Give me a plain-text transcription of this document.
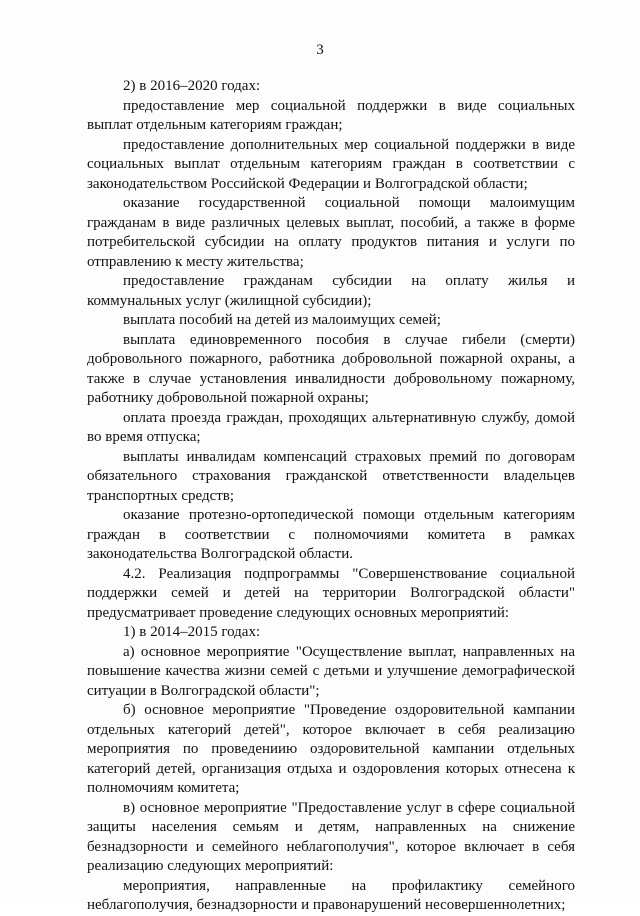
3

2) в 2016–2020 годах:

предоставление мер социальной поддержки в виде социальных выплат отдельным категориям граждан;

предоставление дополнительных мер социальной поддержки в виде социальных выплат отдельным категориям граждан в соответствии с законодательством Российской Федерации и Волгоградской области;

оказание государственной социальной помощи малоимущим гражданам в виде различных целевых выплат, пособий, а также в форме потребительской субсидии на оплату продуктов питания и услуги по отправлению к месту жительства;

предоставление гражданам субсидии на оплату жилья и коммунальных услуг (жилищной субсидии);

выплата пособий на детей из малоимущих семей;

выплата единовременного пособия в случае гибели (смерти) добровольного пожарного, работника добровольной пожарной охраны, а также в случае установления инвалидности добровольному пожарному, работнику добровольной пожарной охраны;

оплата проезда граждан, проходящих альтернативную службу, домой во время отпуска;

выплаты инвалидам компенсаций страховых премий по договорам обязательного страхования гражданской ответственности владельцев транспортных средств;

оказание протезно-ортопедической помощи отдельным категориям граждан в соответствии с полномочиями комитета в рамках законодательства Волгоградской области.

4.2. Реализация подпрограммы "Совершенствование социальной поддержки семей и детей на территории Волгоградской области" предусматривает проведение следующих основных мероприятий:

1) в 2014–2015 годах:

а) основное мероприятие "Осуществление выплат, направленных на повышение качества жизни семей с детьми и улучшение демографической ситуации в Волгоградской области";

б) основное мероприятие "Проведение оздоровительной кампании отдельных категорий детей", которое включает в себя реализацию мероприятия по проведениию оздоровительной кампании отдельных категорий детей, организация отдыха и оздоровления которых отнесена к полномочиям комитета;

в) основное мероприятие "Предоставление услуг в сфере социальной защиты населения семьям и детям, направленных на снижение безнадзорности и семейного неблагополучия", которое включает в себя реализацию следующих мероприятий:

мероприятия, направленные на профилактику семейного неблагополучия, безнадзорности и правонарушений несовершеннолетних;
